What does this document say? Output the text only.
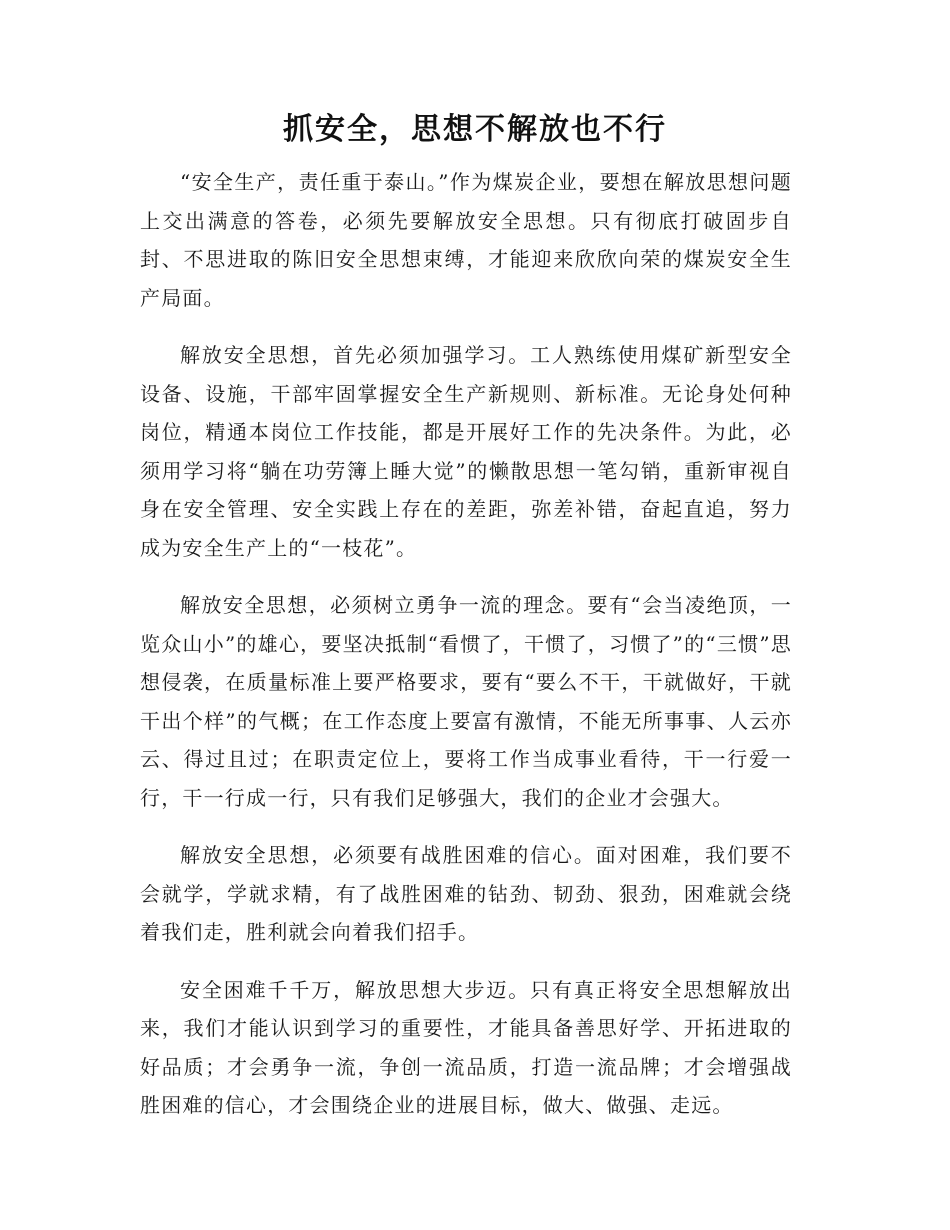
抓安全，思想不解放也不行

“安全生产，责任重于泰山。”作为煤炭企业，要想在解放思想问题上交出满意的答卷，必须先要解放安全思想。只有彻底打破固步自封、不思进取的陈旧安全思想束缚，才能迎来欣欣向荣的煤炭安全生产局面。

解放安全思想，首先必须加强学习。工人熟练使用煤矿新型安全设备、设施，干部牢固掌握安全生产新规则、新标准。无论身处何种岗位，精通本岗位工作技能，都是开展好工作的先决条件。为此，必须用学习将“躺在功劳簿上睡大觉”的懒散思想一笔勾销，重新审视自身在安全管理、安全实践上存在的差距，弥差补错，奋起直追，努力成为安全生产上的“一枝花”。

解放安全思想，必须树立勇争一流的理念。要有“会当凌绝顶，一览众山小”的雄心，要坚决抵制“看惯了，干惯了，习惯了”的“三惯”思想侵袭，在质量标准上要严格要求，要有“要么不干，干就做好，干就干出个样”的气概；在工作态度上要富有激情，不能无所事事、人云亦云、得过且过；在职责定位上，要将工作当成事业看待，干一行爱一行，干一行成一行，只有我们足够强大，我们的企业才会强大。

解放安全思想，必须要有战胜困难的信心。面对困难，我们要不会就学，学就求精，有了战胜困难的钻劲、韧劲、狠劲，困难就会绕着我们走，胜利就会向着我们招手。

安全困难千千万，解放思想大步迈。只有真正将安全思想解放出来，我们才能认识到学习的重要性，才能具备善思好学、开拓进取的好品质；才会勇争一流，争创一流品质，打造一流品牌；才会增强战胜困难的信心，才会围绕企业的进展目标，做大、做强、走远。
